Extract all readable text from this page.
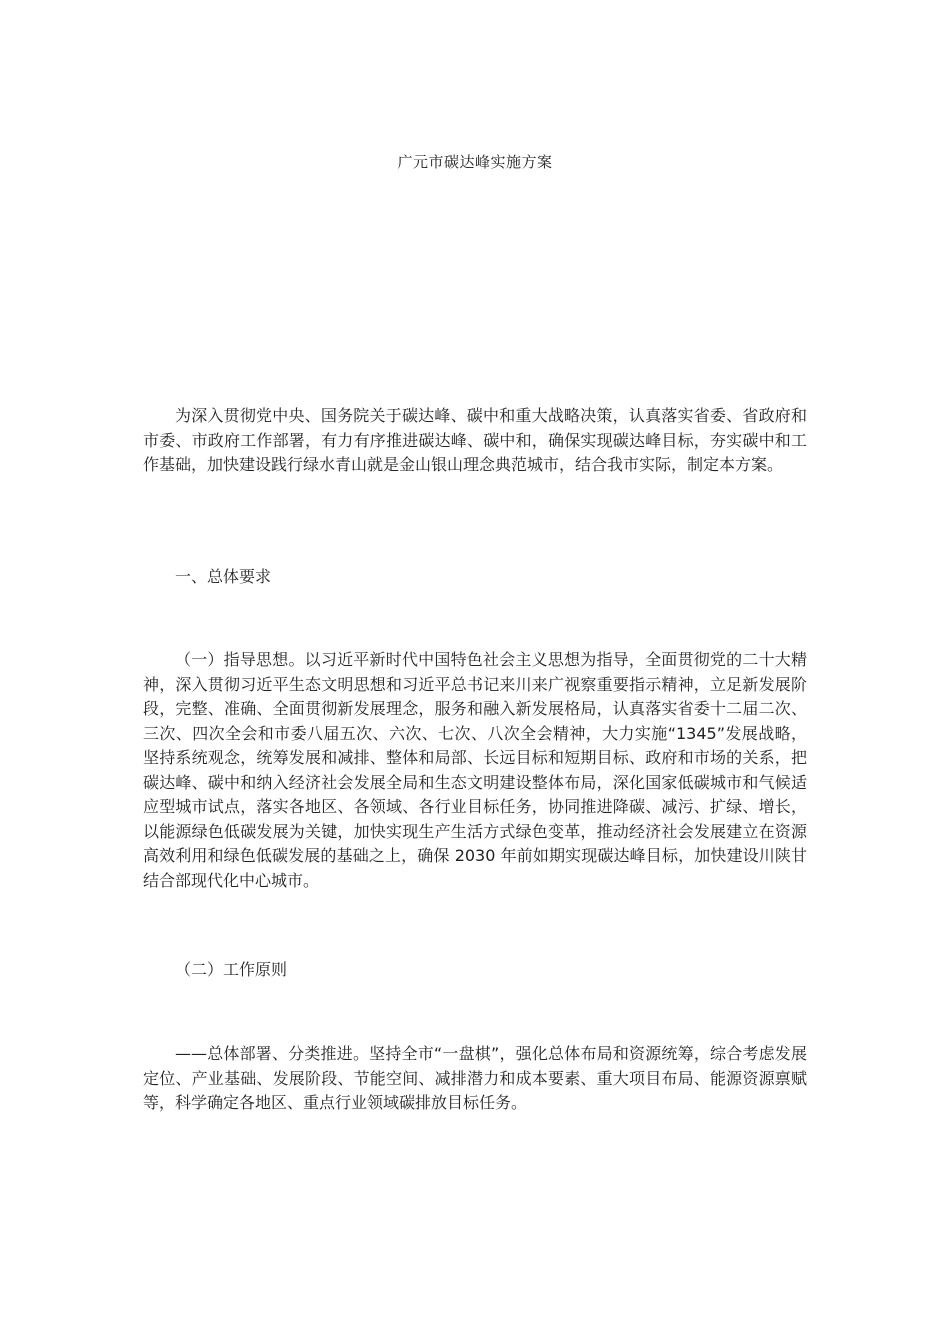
广元市碳达峰实施方案

为深入贯彻党中央、国务院关于碳达峰、碳中和重大战略决策，认真落实省委、省政府和市委、市政府工作部署，有力有序推进碳达峰、碳中和，确保实现碳达峰目标，夯实碳中和工作基础，加快建设践行绿水青山就是金山银山理念典范城市，结合我市实际，制定本方案。

一、总体要求

（一）指导思想。以习近平新时代中国特色社会主义思想为指导，全面贯彻党的二十大精神，深入贯彻习近平生态文明思想和习近平总书记来川来广视察重要指示精神，立足新发展阶段，完整、准确、全面贯彻新发展理念，服务和融入新发展格局，认真落实省委十二届二次、三次、四次全会和市委八届五次、六次、七次、八次全会精神，大力实施“1345”发展战略，坚持系统观念，统筹发展和减排、整体和局部、长远目标和短期目标、政府和市场的关系，把碳达峰、碳中和纳入经济社会发展全局和生态文明建设整体布局，深化国家低碳城市和气候适应型城市试点，落实各地区、各领域、各行业目标任务，协同推进降碳、减污、扩绿、增长，以能源绿色低碳发展为关键，加快实现生产生活方式绿色变革，推动经济社会发展建立在资源高效利用和绿色低碳发展的基础之上，确保 2030 年前如期实现碳达峰目标，加快建设川陕甘结合部现代化中心城市。

（二）工作原则

——总体部署、分类推进。坚持全市“一盘棋”，强化总体布局和资源统筹，综合考虑发展定位、产业基础、发展阶段、节能空间、减排潜力和成本要素、重大项目布局、能源资源禀赋等，科学确定各地区、重点行业领域碳排放目标任务。
